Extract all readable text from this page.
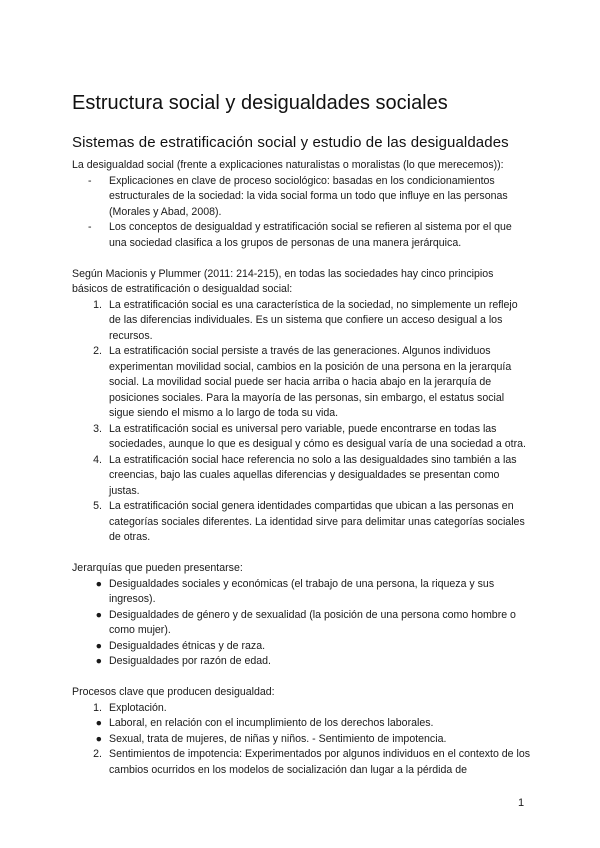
Estructura social y desigualdades sociales
Sistemas de estratificación social y estudio de las desigualdades

La desigualdad social (frente a explicaciones naturalistas o moralistas (lo que merecemos)):

-	Explicaciones en clave de proceso sociológico: basadas en los condicionamientos estructurales de la sociedad: la vida social forma un todo que influye en las personas (Morales y Abad, 2008).
-	Los conceptos de desigualdad y estratificación social se refieren al sistema por el que una sociedad clasifica a los grupos de personas de una manera jerárquica.

Según Macionis y Plummer (2011: 214-215), en todas las sociedades hay cinco principios básicos de estratificación o desigualdad social:

1. La estratificación social es una característica de la sociedad, no simplemente un reflejo de las diferencias individuales. Es un sistema que confiere un acceso desigual a los recursos.
2. La estratificación social persiste a través de las generaciones. Algunos individuos experimentan movilidad social, cambios en la posición de una persona en la jerarquía social. La movilidad social puede ser hacia arriba o hacia abajo en la jerarquía de posiciones sociales. Para la mayoría de las personas, sin embargo, el estatus social sigue siendo el mismo a lo largo de toda su vida.
3. La estratificación social es universal pero variable, puede encontrarse en todas las sociedades, aunque lo que es desigual y cómo es desigual varía de una sociedad a otra.
4. La estratificación social hace referencia no solo a las desigualdades sino también a las creencias, bajo las cuales aquellas diferencias y desigualdades se presentan como justas.
5. La estratificación social genera identidades compartidas que ubican a las personas en categorías sociales diferentes. La identidad sirve para delimitar unas categorías sociales de otras.

Jerarquías que pueden presentarse:

● Desigualdades sociales y económicas (el trabajo de una persona, la riqueza y sus ingresos).
● Desigualdades de género y de sexualidad (la posición de una persona como hombre o como mujer).
● Desigualdades étnicas y de raza.
● Desigualdades por razón de edad.

Procesos clave que producen desigualdad:

1. Explotación.
● Laboral, en relación con el incumplimiento de los derechos laborales.
● Sexual, trata de mujeres, de niñas y niños. - Sentimiento de impotencia.
2. Sentimientos de impotencia: Experimentados por algunos individuos en el contexto de los cambios ocurridos en los modelos de socialización dan lugar a la pérdida de
1
